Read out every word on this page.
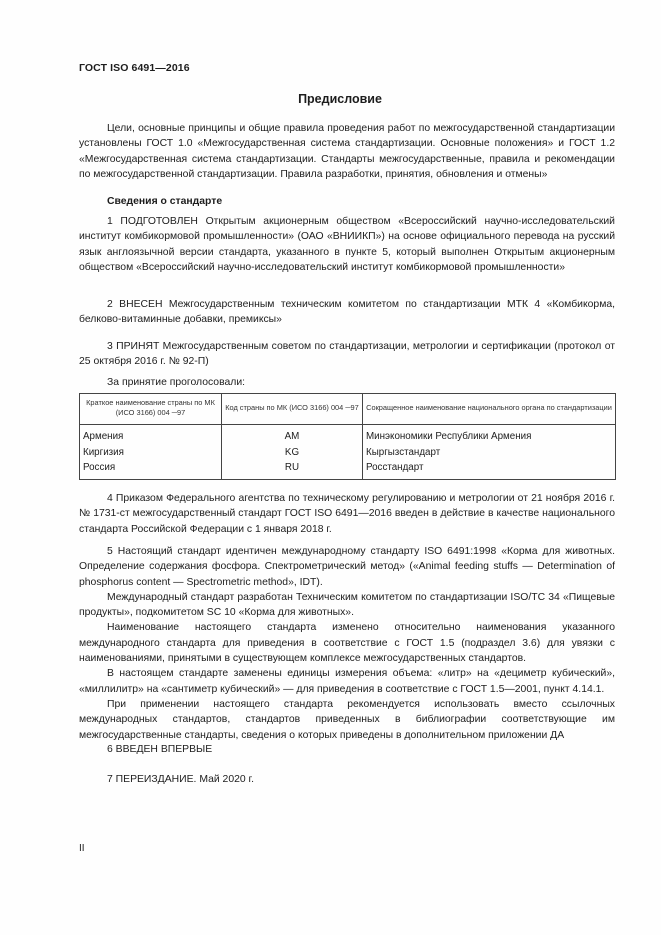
ГОСТ ISO 6491—2016
Предисловие

Цели, основные принципы и общие правила проведения работ по межгосударственной стандартизации установлены ГОСТ 1.0 «Межгосударственная система стандартизации. Основные положения» и ГОСТ 1.2 «Межгосударственная система стандартизации. Стандарты межгосударственные, правила и рекомендации по межгосударственной стандартизации. Правила разработки, принятия, обновления и отмены»

Сведения о стандарте

1 ПОДГОТОВЛЕН Открытым акционерным обществом «Всероссийский научно-исследовательский институт комбикормовой промышленности» (ОАО «ВНИИКП») на основе официального перевода на русский язык англоязычной версии стандарта, указанного в пункте 5, который выполнен Открытым акционерным обществом «Всероссийский научно-исследовательский институт комбикормовой промышленности»

2 ВНЕСЕН Межгосударственным техническим комитетом по стандартизации МТК 4 «Комбикорма, белково-витаминные добавки, премиксы»

3 ПРИНЯТ Межгосударственным советом по стандартизации, метрологии и сертификации (протокол от 25 октября 2016 г. № 92-П)

За принятие проголосовали:
Краткое наименование страны по МК (ИСО 3166) 004 ─97	Код страны по МК (ИСО 3166) 004 ─97	Сокращенное наименование национального органа по стандартизации
Армения	AM	Минэкономики Республики Армения
Киргизия	KG	Кыргызстандарт
Россия	RU	Росстандарт

4 Приказом Федерального агентства по техническому регулированию и метрологии от 21 ноября 2016 г. № 1731-ст межгосударственный стандарт ГОСТ ISO 6491—2016 введен в действие в качестве национального стандарта Российской Федерации с 1 января 2018 г.

5 Настоящий стандарт идентичен международному стандарту ISO 6491:1998 «Корма для животных. Определение содержания фосфора. Спектрометрический метод» («Animal feeding stuffs — Determination of phosphorus content — Spectrometric method», IDT).

Международный стандарт разработан Техническим комитетом по стандартизации ISO/TC 34 «Пищевые продукты», подкомитетом SC 10 «Корма для животных».

Наименование настоящего стандарта изменено относительно наименования указанного международного стандарта для приведения в соответствие с ГОСТ 1.5 (подраздел 3.6) для увязки с наименованиями, принятыми в существующем комплексе межгосударственных стандартов.

В настоящем стандарте заменены единицы измерения объема: «литр» на «дециметр кубический», «миллилитр» на «сантиметр кубический» — для приведения в соответствие с ГОСТ 1.5—2001, пункт 4.14.1.

При применении настоящего стандарта рекомендуется использовать вместо ссылочных международных стандартов, стандартов приведенных в библиографии соответствующие им межгосударственные стандарты, сведения о которых приведены в дополнительном приложении ДА

6 ВВЕДЕН ВПЕРВЫЕ
7 ПЕРЕИЗДАНИЕ. Май 2020 г.
II
